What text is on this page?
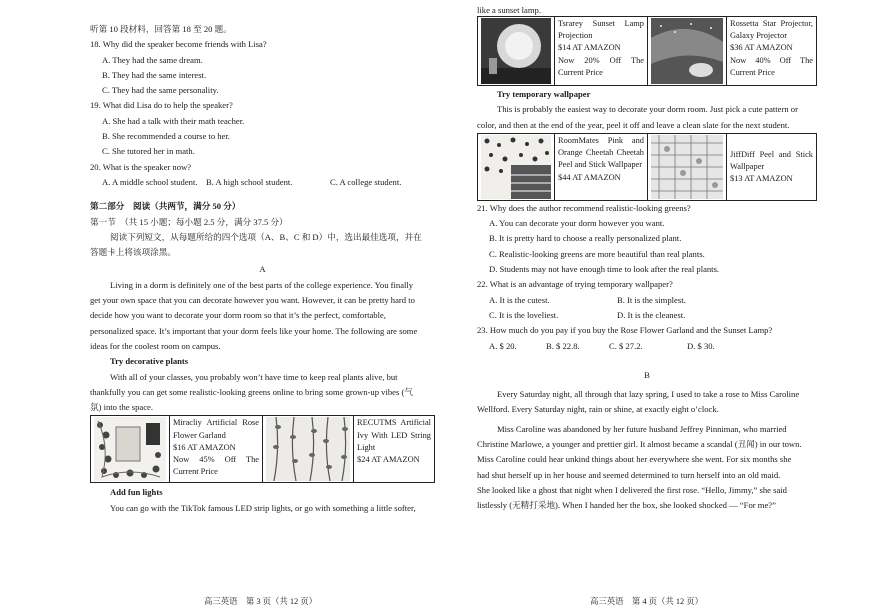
听第 10 段材料，回答第 18 至 20 题。

18. Why did the speaker become friends with Lisa?

A. They had the same dream.

B. They had the same interest.

C. They had the same personality.

19. What did Lisa do to help the speaker?

A. She had a talk with their math teacher.

B. She recommended a course to her.

C. She tutored her in math.

20. What is the speaker now?

A. A middle school student. B. A high school student.	C. A college student.

第二部分　阅读（共两节，满分 50 分）

第一节　（共 15 小题；每小题 2.5 分，满分 37.5 分）

阅读下列短文，从每题所给的四个选项（A、B、C 和 D）中，选出最佳选项，并在

答题卡上将该项涂黑。

A

Living in a dorm is definitely one of the best parts of the college experience. You finally

get your own space that you can decorate however you want. However, it can be pretty hard to

decide how you want to decorate your dorm room so that it’s the perfect, comfortable,

personalized space. It’s important that your dorm feels like your home. The following are some

ideas for the coolest room on campus.

Try decorative plants

With all of your classes, you probably won’t have time to keep real plants alive, but

thankfully you can get some realistic-looking greens online to bring some grown-up vibes (气

氛) into the space.

Miracliy Artificial Rose Flower Garland
$16 AT AMAZON
Now 45% Off The Current Price

RECUTMS Artificial Ivy With LED String Light
$24 AT AMAZON

Add fun lights

You can go with the TikTok famous LED strip lights, or go with something a little softer,

高三英语　第 3 页（共 12 页）

like a sunset lamp.

Tsrarey Sunset Lamp Projection
$14 AT AMAZON
Now 20% Off The Current Price

Rossetta Star Projector, Galaxy Projector
$36 AT AMAZON
Now 40% Off The Current Price

Try temporary wallpaper

This is probably the easiest way to decorate your dorm room. Just pick a cute pattern or

color, and then at the end of the year, peel it off and leave a clean slate for the next student.

RoomMates Pink and Orange Cheetah Cheetah Peel and Stick Wallpaper
$44 AT AMAZON

JiffDiff Peel and Stick Wallpaper
$13 AT AMAZON

21. Why does the author recommend realistic-looking greens?

A. You can decorate your dorm however you want.

B. It is pretty hard to choose a really personalized plant.

C. Realistic-looking greens are more beautiful than real plants.

D. Students may not have enough time to look after the real plants.

22. What is an advantage of trying temporary wallpaper?

A. It is the cutest.	B. It is the simplest.
C. It is the loveliest.	D. It is the cleanest.

23. How much do you pay if you buy the Rose Flower Garland and the Sunset Lamp?

A. $ 20.	B. $ 22.8.	C. $ 27.2.	D. $ 30.

B

Every Saturday night, all through that lazy spring, I used to take a rose to Miss Caroline

Wellford. Every Saturday night, rain or shine, at exactly eight o’clock.

Miss Caroline was abandoned by her future husband Jeffrey Pinniman, who married

Christine Marlowe, a younger and prettier girl. It almost became a scandal (丑闻) in our town.

Miss Caroline could hear unkind things about her everywhere she went. For six months she

had shut herself up in her house and seemed determined to turn herself into an old maid.

She looked like a ghost that night when I delivered the first rose. “Hello, Jimmy,” she said

listlessly (无精打采地). When I handed her the box, she looked shocked — “For me?”

高三英语　第 4 页（共 12 页）
